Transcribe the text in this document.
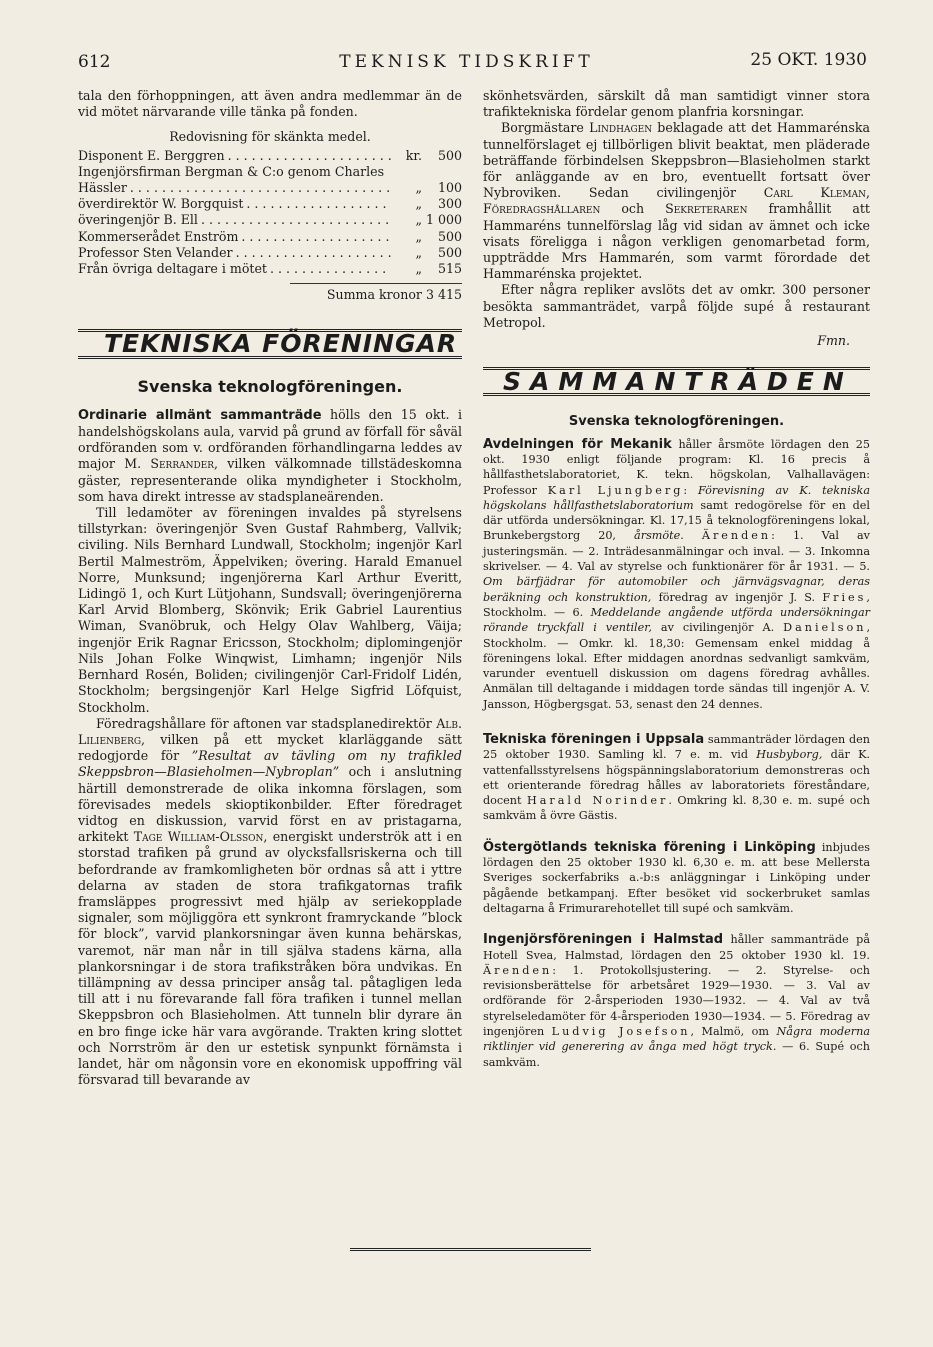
612	TEKNISK TIDSKRIFT	25 OKT. 1930

tala den förhoppningen, att även andra medlemmar än de vid mötet närvarande ville tänka på fonden.

Redovisning för skänkta medel.

Disponent E. Berggren . . .	kr.	500
Ingenjörsfirman Bergman & C:o genom Charles
Hässler . . .	„	100
överdirektör W. Borgquist . . .	„	300
överingenjör B. Ell . . .	„ 1 000
Kommerserådet Enström . . .	„	500
Professor Sten Velander . . .	„	500
Från övriga deltagare i mötet . . .	„	515

Summa kronor 3 415

TEKNISKA FÖRENINGAR

Svenska teknologföreningen.

Ordinarie allmänt sammanträde hölls den 15 okt. i handelshögskolans aula, varvid på grund av förfall för såväl ordföranden som v. ordföranden förhandlingarna leddes av major M. Serrander, vilken välkomnade tillstädeskomna gäster, representerande olika myndigheter i Stockholm, som hava direkt intresse av stadsplaneärenden.

Till ledamöter av föreningen invaldes på styrelsens tillstyrkan: överingenjör Sven Gustaf Rahmberg, Vallvik; civiling. Nils Bernhard Lundwall, Stockholm; ingenjör Karl Bertil Malmeström, Äppelviken; övering. Harald Emanuel Norre, Munksund; ingenjörerna Karl Arthur Everitt, Lidingö 1, och Kurt Lütjohann, Sundsvall; överingenjörerna Karl Arvid Blomberg, Skönvik; Erik Gabriel Laurentius Wiman, Svanöbruk, och Helgy Olav Wahlberg, Väija; ingenjör Erik Ragnar Ericsson, Stockholm; diplomingenjör Nils Johan Folke Winqwist, Limhamn; ingenjör Nils Bernhard Rosén, Boliden; civilingenjör Carl-Fridolf Lidén, Stockholm; bergsingenjör Karl Helge Sigfrid Löfquist, Stockholm.

Föredragshållare för aftonen var stadsplanedirektör Alb. Lilienberg, vilken på ett mycket klarläggande sätt redogjorde för ”Resultat av tävling om ny trafikled Skeppsbron—Blasieholmen—Nybroplan” och i anslutning härtill demonstrerade de olika inkomna förslagen, som förevisades medels skioptikonbilder. Efter föredraget vidtog en diskussion, varvid först en av pristagarna, arkitekt Tage William-Olsson, energiskt underströk att i en storstad trafiken på grund av olycksfallsriskerna och till befordrande av framkomligheten bör ordnas så att i yttre delarna av staden de stora trafikgatornas trafik framsläppes progressivt med hjälp av seriekopplade signaler, som möjliggöra ett synkront framryckande ”block för block”, varvid plankorsningar även kunna behärskas, varemot, när man når in till själva stadens kärna, alla plankorsningar i de stora trafikstråken böra undvikas. En tillämpning av dessa principer ansåg tal. påtagligen leda till att i nu förevarande fall föra trafiken i tunnel mellan Skeppsbron och Blasieholmen. Att tunneln blir dyrare än en bro finge icke här vara avgörande. Trakten kring slottet och Norrström är den ur estetisk synpunkt förnämsta i landet, här om någonsin vore en ekonomisk uppoffring väl försvarad till bevarande av

skönhetsvärden, särskilt då man samtidigt vinner stora trafiktekniska fördelar genom planfria korsningar.

Borgmästare Lindhagen beklagade att det Hammarénska tunnelförslaget ej tillbörligen blivit beaktat, men pläderade beträffande förbindelsen Skeppsbron—Blasieholmen starkt för anläggande av en bro, eventuellt fortsatt över Nybroviken. Sedan civilingenjör Carl Kleman, Föredragshållaren och Sekreteraren framhållit att Hammaréns tunnelförslag låg vid sidan av ämnet och icke visats föreligga i någon verkligen genomarbetad form, uppträdde Mrs Hammarén, som varmt förordade det Hammarénska projektet.

Efter några repliker avslöts det av omkr. 300 personer besökta sammanträdet, varpå följde supé å restaurant Metropol.

Fmn.

SAMMANTRÄDEN

Svenska teknologföreningen.

Avdelningen för Mekanik håller årsmöte lördagen den 25 okt. 1930 enligt följande program: Kl. 16 precis å hållfasthetslaboratoriet, K. tekn. högskolan, Valhallavägen: Professor Karl Ljungberg: Förevisning av K. tekniska högskolans hållfasthetslaboratorium samt redogörelse för en del där utförda undersökningar. Kl. 17,15 å teknologföreningens lokal, Brunkebergstorg 20, årsmöte. Ärenden: 1. Val av justeringsmän. — 2. Inträdesanmälningar och inval. — 3. Inkomna skrivelser. — 4. Val av styrelse och funktionärer för år 1931. — 5. Om bärfjädrar för automobiler och järnvägsvagnar, deras beräkning och konstruktion, föredrag av ingenjör J. S. Fries, Stockholm. — 6. Meddelande angående utförda undersökningar rörande tryckfall i ventiler, av civilingenjör A. Danielson, Stockholm. — Omkr. kl. 18,30: Gemensam enkel middag å föreningens lokal. Efter middagen anordnas sedvanligt samkväm, varunder eventuell diskussion om dagens föredrag avhålles. Anmälan till deltagande i middagen torde sändas till ingenjör A. V. Jansson, Högbergsgat. 53, senast den 24 dennes.

Tekniska föreningen i Uppsala sammanträder lördagen den 25 oktober 1930. Samling kl. 7 e. m. vid Husbyborg, där K. vattenfallsstyrelsens högspänningslaboratorium demonstreras och ett orienterande föredrag hålles av laboratoriets föreståndare, docent Harald Norinder. Omkring kl. 8,30 e. m. supé och samkväm å övre Gästis.

Östergötlands tekniska förening i Linköping inbjudes lördagen den 25 oktober 1930 kl. 6,30 e. m. att bese Mellersta Sveriges sockerfabriks a.-b:s anläggningar i Linköping under pågående betkampanj. Efter besöket vid sockerbruket samlas deltagarna å Frimurarehotellet till supé och samkväm.

Ingenjörsföreningen i Halmstad håller sammanträde på Hotell Svea, Halmstad, lördagen den 25 oktober 1930 kl. 19. Ärenden: 1. Protokollsjustering. — 2. Styrelse- och revisionsberättelse för arbetsåret 1929—1930. — 3. Val av ordförande för 2-årsperioden 1930—1932. — 4. Val av två styrelseledamöter för 4-årsperioden 1930—1934. — 5. Föredrag av ingenjören Ludvig Josefson, Malmö, om Några moderna riktlinjer vid generering av ånga med högt tryck. — 6. Supé och samkväm.
